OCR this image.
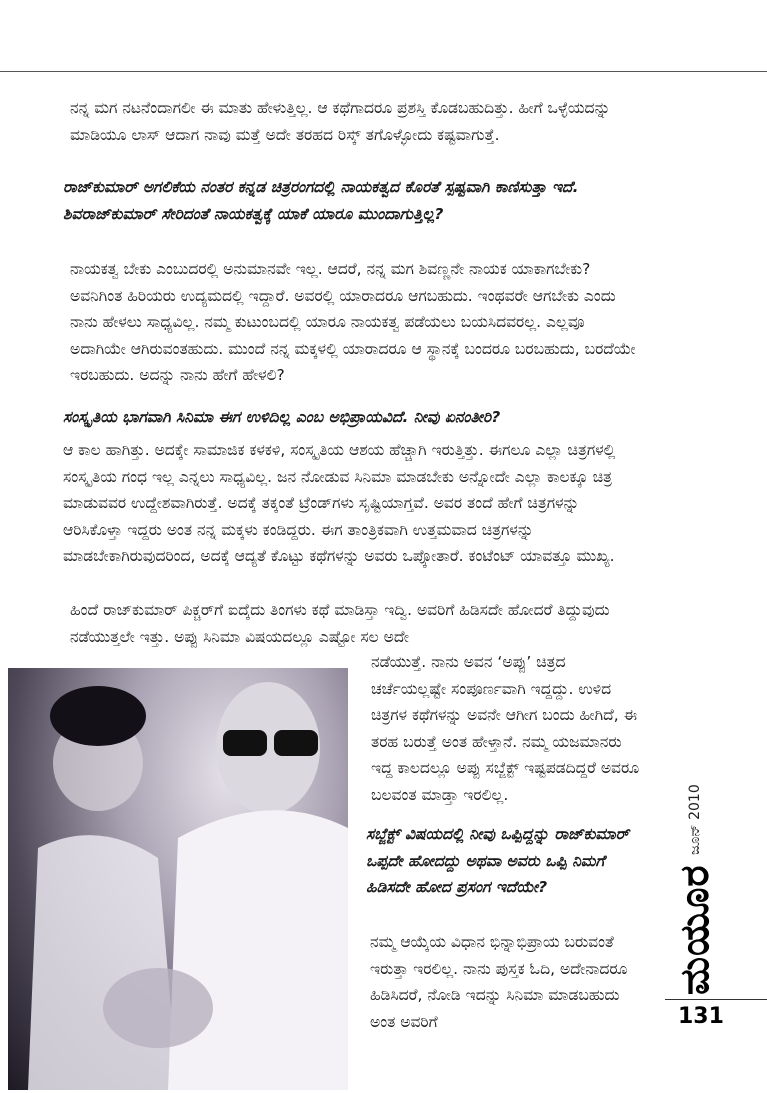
ನನ್ನ ಮಗ ನಟನೆಂದಾಗಲೀ ಈ ಮಾತು ಹೇಳುತ್ತಿಲ್ಲ. ಆ ಕಥೆಗಾದರೂ ಪ್ರಶಸ್ತಿ ಕೊಡಬಹುದಿತ್ತು. ಹೀಗೆ ಒಳ್ಳೆಯದನ್ನು ಮಾಡಿಯೂ ಲಾಸ್ ಆದಾಗ ನಾವು ಮತ್ತೆ ಅದೇ ತರಹದ ರಿಸ್ಕ್ ತಗೊಳ್ಳೋದು ಕಷ್ಟವಾಗುತ್ತೆ.
ರಾಜ್‌ಕುಮಾರ್ ಅಗಲಿಕೆಯ ನಂತರ ಕನ್ನಡ ಚಿತ್ರರಂಗದಲ್ಲಿ ನಾಯಕತ್ವದ ಕೊರತೆ ಸ್ಪಷ್ಟವಾಗಿ ಕಾಣಿಸುತ್ತಾ ಇದೆ. ಶಿವರಾಜ್‌ಕುಮಾರ್ ಸೇರಿದಂತೆ ನಾಯಕತ್ವಕ್ಕೆ ಯಾಕೆ ಯಾರೂ ಮುಂದಾಗುತ್ತಿಲ್ಲ?
ನಾಯಕತ್ವ ಬೇಕು ಎಂಬುದರಲ್ಲಿ ಅನುಮಾನವೇ ಇಲ್ಲ. ಆದರೆ, ನನ್ನ ಮಗ ಶಿವಣ್ಣನೇ ನಾಯಕ ಯಾಕಾಗಬೇಕು? ಅವನಿಗಿಂತ ಹಿರಿಯರು ಉದ್ಯಮದಲ್ಲಿ ಇದ್ದಾರೆ. ಅವರಲ್ಲಿ ಯಾರಾದರೂ ಆಗಬಹುದು. ಇಂಥವರೇ ಆಗಬೇಕು ಎಂದು ನಾನು ಹೇಳಲು ಸಾಧ್ಯವಿಲ್ಲ. ನಮ್ಮ ಕುಟುಂಬದಲ್ಲಿ ಯಾರೂ ನಾಯಕತ್ವ ಪಡೆಯಲು ಬಯಸಿದವರಲ್ಲ. ಎಲ್ಲವೂ ಅದಾಗಿಯೇ ಆಗಿರುವಂತಹುದು. ಮುಂದೆ ನನ್ನ ಮಕ್ಕಳಲ್ಲಿ ಯಾರಾದರೂ ಆ ಸ್ಥಾನಕ್ಕೆ ಬಂದರೂ ಬರಬಹುದು, ಬರದೆಯೇ ಇರಬಹುದು. ಅದನ್ನು ನಾನು ಹೇಗೆ ಹೇಳಲಿ?
ಸಂಸ್ಕೃತಿಯ ಭಾಗವಾಗಿ ಸಿನಿಮಾ ಈಗ ಉಳಿದಿಲ್ಲ ಎಂಬ ಅಭಿಪ್ರಾಯವಿದೆ. ನೀವು ಏನಂತೀರಿ?
ಆ ಕಾಲ ಹಾಗಿತ್ತು. ಅದಕ್ಕೇ ಸಾಮಾಜಿಕ ಕಳಕಳಿ, ಸಂಸ್ಕೃತಿಯ ಆಶಯ ಹೆಚ್ಚಾಗಿ ಇರುತ್ತಿತ್ತು. ಈಗಲೂ ಎಲ್ಲಾ ಚಿತ್ರಗಳಲ್ಲಿ ಸಂಸ್ಕೃತಿಯ ಗಂಧ ಇಲ್ಲ ಎನ್ನಲು ಸಾಧ್ಯವಿಲ್ಲ. ಜನ ನೋಡುವ ಸಿನಿಮಾ ಮಾಡಬೇಕು ಅನ್ನೋದೇ ಎಲ್ಲಾ ಕಾಲಕ್ಕೂ ಚಿತ್ರ ಮಾಡುವವರ ಉದ್ದೇಶವಾಗಿರುತ್ತೆ. ಅದಕ್ಕೆ ತಕ್ಕಂತೆ ಟ್ರೆಂಡ್‌ಗಳು ಸೃಷ್ಟಿಯಾಗ್ತವೆ. ಅವರ ತಂದೆ ಹೇಗೆ ಚಿತ್ರಗಳನ್ನು ಆರಿಸಿಕೊಳ್ತಾ ಇದ್ದರು ಅಂತ ನನ್ನ ಮಕ್ಕಳು ಕಂಡಿದ್ದರು. ಈಗ ತಾಂತ್ರಿಕವಾಗಿ ಉತ್ತಮವಾದ ಚಿತ್ರಗಳನ್ನು ಮಾಡಬೇಕಾಗಿರುವುದರಿಂದ, ಅದಕ್ಕೆ ಆದ್ಯತೆ ಕೊಟ್ಟು ಕಥೆಗಳನ್ನು ಅವರು ಒಪ್ಕೋತಾರೆ. ಕಂಟೆಂಟ್ ಯಾವತ್ತೂ ಮುಖ್ಯ.
ಹಿಂದೆ ರಾಜ್‌ಕುಮಾರ್ ಪಿಕ್ಚರ್‌ಗೆ ಐದ್ಕೆದು ತಿಂಗಳು ಕಥೆ ಮಾಡಿಸ್ತಾ ಇದ್ವಿ. ಅವರಿಗೆ ಹಿಡಿಸದೇ ಹೋದರೆ ತಿದ್ದುವುದು ನಡೆಯುತ್ತಲೇ ಇತ್ತು. ಅಪ್ಪು ಸಿನಿಮಾ ವಿಷಯದಲ್ಲೂ ಎಷ್ಟೋ ಸಲ ಅದೇ
ನಡೆಯುತ್ತೆ. ನಾನು ಅವನ ‘ಅಪ್ಪು’ ಚಿತ್ರದ ಚರ್ಚೆಯಲ್ಲಷ್ಟೇ ಸಂಪೂರ್ಣವಾಗಿ ಇದ್ದದ್ದು. ಉಳಿದ ಚಿತ್ರಗಳ ಕಥೆಗಳನ್ನು ಅವನೇ ಆಗೀಗ ಬಂದು ಹೀಗಿದೆ, ಈ ತರಹ ಬರುತ್ತೆ ಅಂತ ಹೇಳ್ತಾನೆ. ನಮ್ಮ ಯಜಮಾನರು ಇದ್ದ ಕಾಲದಲ್ಲೂ ಅಪ್ಪು ಸಬ್ಜೆಕ್ಟ್ ಇಷ್ಟಪಡದಿದ್ದರೆ ಅವರೂ ಬಲವಂತ ಮಾಡ್ತಾ ಇರಲಿಲ್ಲ.
ಸಬ್ಜೆಕ್ಟ್ ವಿಷಯದಲ್ಲಿ ನೀವು ಒಪ್ಪಿದ್ದನ್ನು ರಾಜ್‌ಕುಮಾರ್ ಒಪ್ಪದೇ ಹೋದದ್ದು ಅಥವಾ ಅವರು ಒಪ್ಪಿ ನಿಮಗೆ ಹಿಡಿಸದೇ ಹೋದ ಪ್ರಸಂಗ ಇದೆಯೇ?
ನಮ್ಮ ಆಯ್ಕೆಯ ವಿಧಾನ ಭಿನ್ನಾಭಿಪ್ರಾಯ ಬರುವಂತೆ ಇರುತ್ತಾ ಇರಲಿಲ್ಲ. ನಾನು ಪುಸ್ತಕ ಓದಿ, ಅದೇನಾದರೂ ಹಿಡಿಸಿದರೆ, ನೋಡಿ ಇದನ್ನು ಸಿನಿಮಾ ಮಾಡಬಹುದು ಅಂತ ಅವರಿಗೆ
ಮಯೂರ ಜೂನ್ 2010
131
